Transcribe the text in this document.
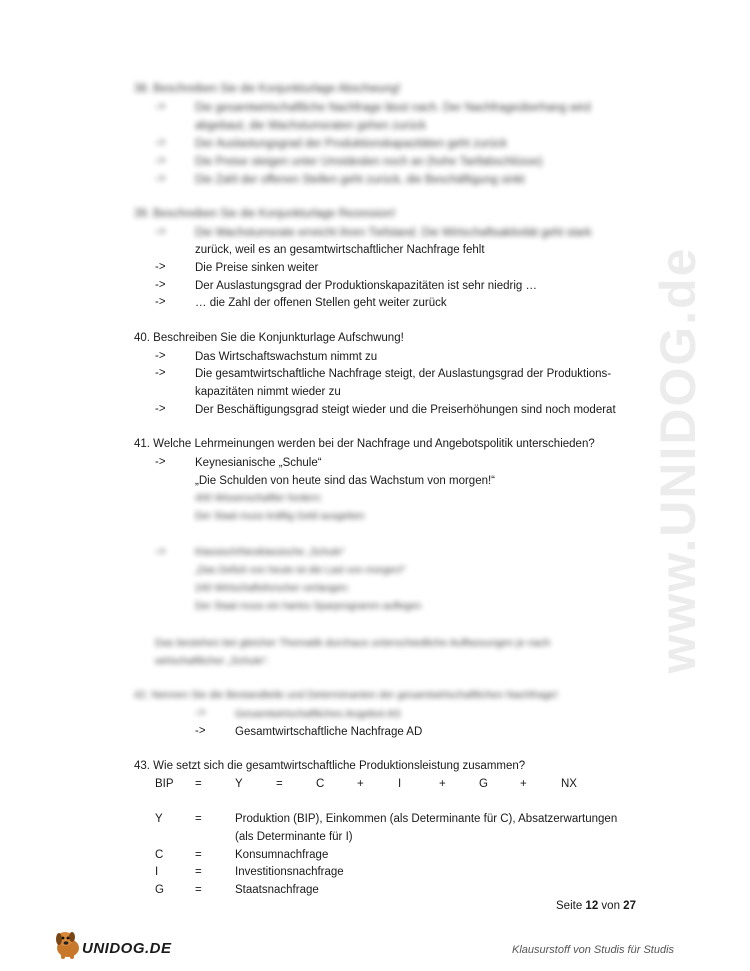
www.UNIDOG.de
38. Beschreiben Sie die Konjunkturlage Abschwung!
->	Die gesamtwirtschaftliche Nachfrage lässt nach. Der Nachfrageüberhang wird
abgebaut, die Wachstumsraten gehen zurück
->	Der Auslastungsgrad der Produktionskapazitäten geht zurück
->	Die Preise steigen unter Umständen noch an (hohe Tarifabschlüsse)
->	Die Zahl der offenen Stellen geht zurück, die Beschäftigung sinkt
39. Beschreiben Sie die Konjunkturlage Rezession!
->	Die Wachstumsrate erreicht ihren Tiefstand. Die Wirtschaftsaktivität geht stark
zurück, weil es an gesamtwirtschaftlicher Nachfrage fehlt
->	Die Preise sinken weiter
->	Der Auslastungsgrad der Produktionskapazitäten ist sehr niedrig …
->	… die Zahl der offenen Stellen geht weiter zurück
40. Beschreiben Sie die Konjunkturlage Aufschwung!
->	Das Wirtschaftswachstum nimmt zu
->	Die gesamtwirtschaftliche Nachfrage steigt, der Auslastungsgrad der Produktions-
kapazitäten nimmt wieder zu
->	Der Beschäftigungsgrad steigt wieder und die Preiserhöhungen sind noch moderat
41. Welche Lehrmeinungen werden bei der Nachfrage und Angebotspolitik unterschieden?
->	Keynesianische „Schule“
„Die Schulden von heute sind das Wachstum von morgen!“
400 Wissenschaftler fordern:
Der Staat muss kräftig Geld ausgeben
->	Klassisch/Neoklassische „Schule“
„Das Defizit von heute ist die Last von morgen!“
240 Wirtschaftsforscher verlangen:
Der Staat muss ein hartes Sparprogramm auflegen
Das bestehen bei gleicher Thematik durchaus unterschiedliche Auffassungen je nach
wirtschaftlicher „Schule“.
42. Nennen Sie die Bestandteile und Determinanten der gesamtwirtschaftlichen Nachfrage!
->	Gesamtwirtschaftliches Angebot AS
->	Gesamtwirtschaftliche Nachfrage AD
43. Wie setzt sich die gesamtwirtschaftliche Produktionsleistung zusammen?
BIP =	Y	=	C	+	I	+	G	+	NX
Y	=	Produktion (BIP), Einkommen (als Determinante für C), Absatzerwartungen
(als Determinante für I)
C	=	Konsumnachfrage
I	=	Investitionsnachfrage
G	=	Staatsnachfrage
Seite 12 von 27
UNIDOG.DE	Klausurstoff von Studis für Studis
